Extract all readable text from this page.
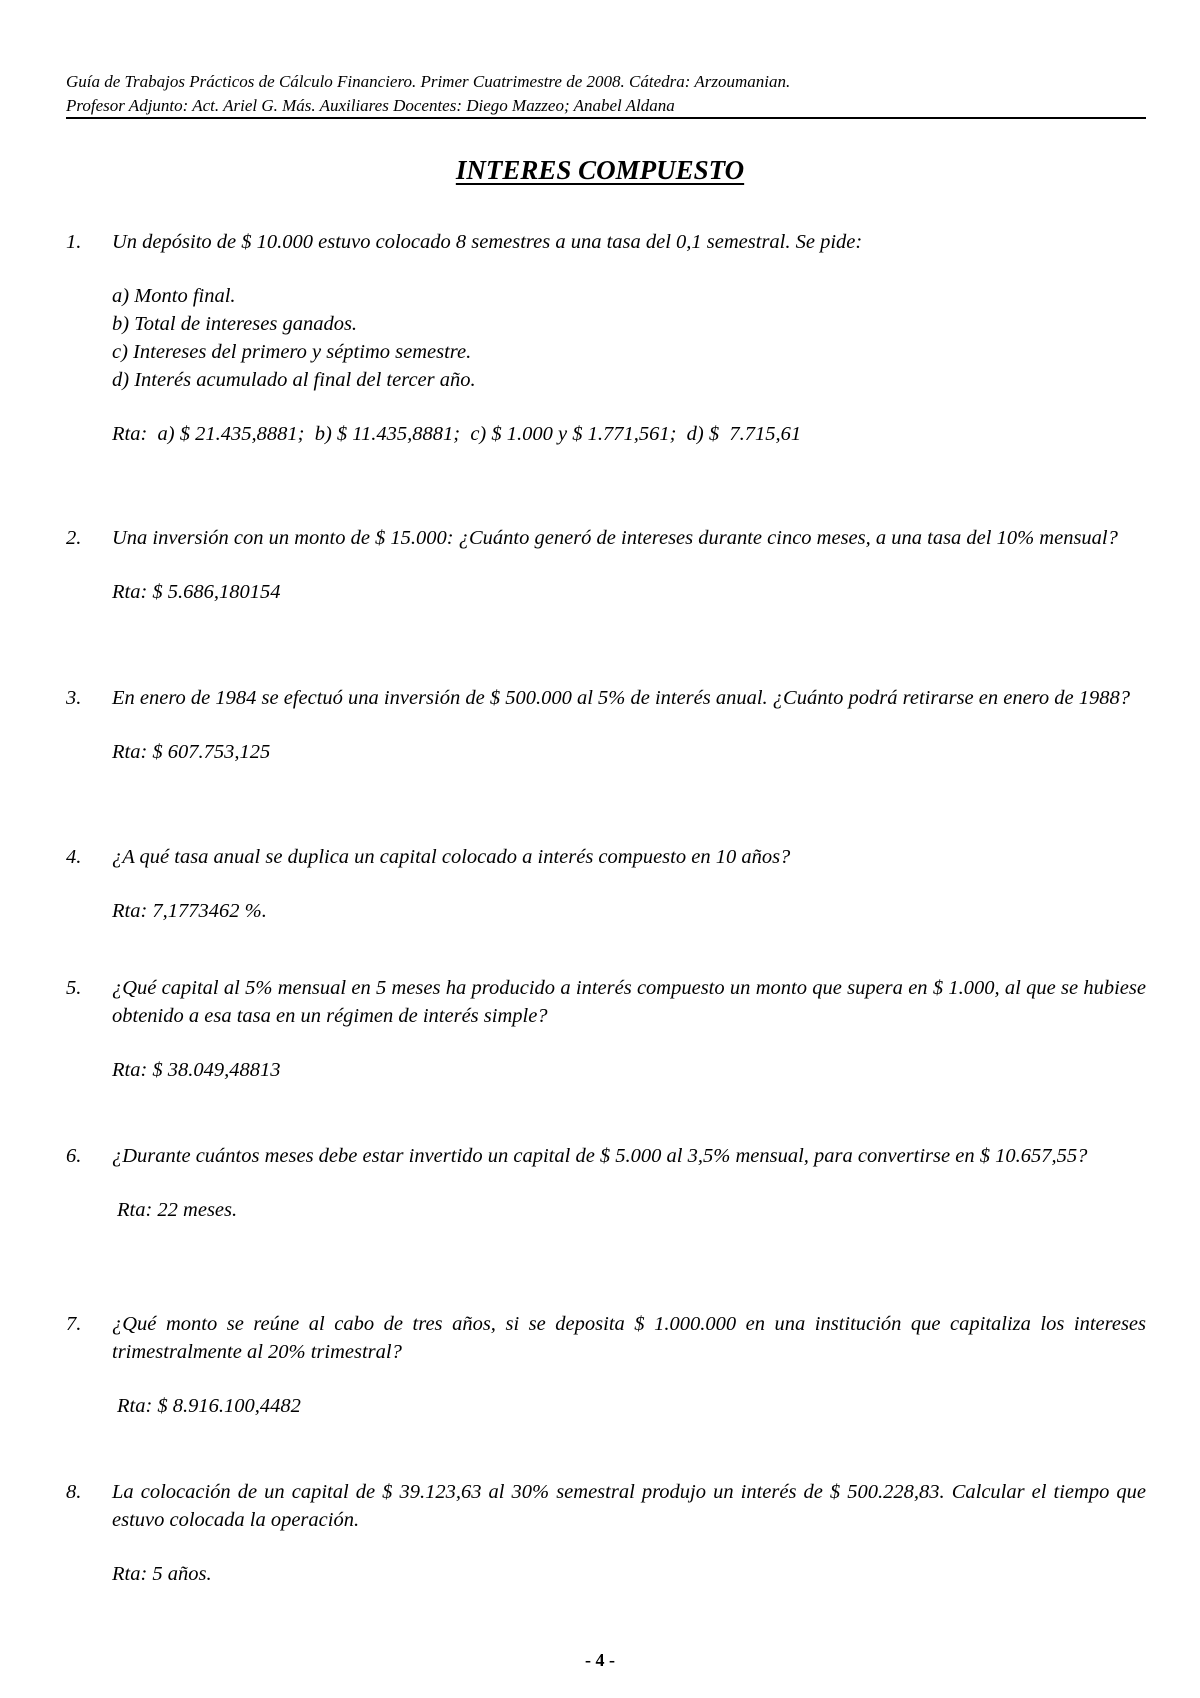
Guía de Trabajos Prácticos de Cálculo Financiero. Primer Cuatrimestre de 2008. Cátedra: Arzoumanian.
Profesor Adjunto: Act. Ariel G. Más. Auxiliares Docentes: Diego Mazzeo; Anabel Aldana
INTERES COMPUESTO
1. Un depósito de $ 10.000 estuvo colocado 8 semestres a una tasa del 0,1 semestral. Se pide:
a) Monto final.
b) Total de intereses ganados.
c) Intereses del primero y séptimo semestre.
d) Interés acumulado al final del tercer año.
Rta:  a) $ 21.435,8881;  b) $ 11.435,8881;  c) $ 1.000 y $ 1.771,561;  d) $  7.715,61
2. Una inversión con un monto de $ 15.000: ¿Cuánto generó de intereses durante cinco meses, a una tasa del 10% mensual?
Rta: $ 5.686,180154
3. En enero de 1984 se efectuó una inversión de $ 500.000 al 5% de interés anual. ¿Cuánto podrá retirarse en enero de 1988?
Rta: $ 607.753,125
4. ¿A qué tasa anual se duplica un capital colocado a interés compuesto en 10 años?
Rta: 7,1773462 %.
5. ¿Qué capital al 5% mensual en 5 meses ha producido a interés compuesto un monto que supera en $ 1.000, al que se hubiese obtenido a esa tasa en un régimen de interés simple?
Rta: $ 38.049,48813
6. ¿Durante cuántos meses debe estar invertido un capital de $ 5.000 al 3,5% mensual, para convertirse en $ 10.657,55?
Rta: 22 meses.
7. ¿Qué monto se reúne al cabo de tres años, si se deposita $ 1.000.000 en una institución que capitaliza los intereses trimestralmente al 20% trimestral?
Rta: $ 8.916.100,4482
8. La colocación de un capital de $ 39.123,63 al 30% semestral produjo un interés de $ 500.228,83. Calcular el tiempo que estuvo colocada la operación.
Rta: 5 años.
- 4 -
